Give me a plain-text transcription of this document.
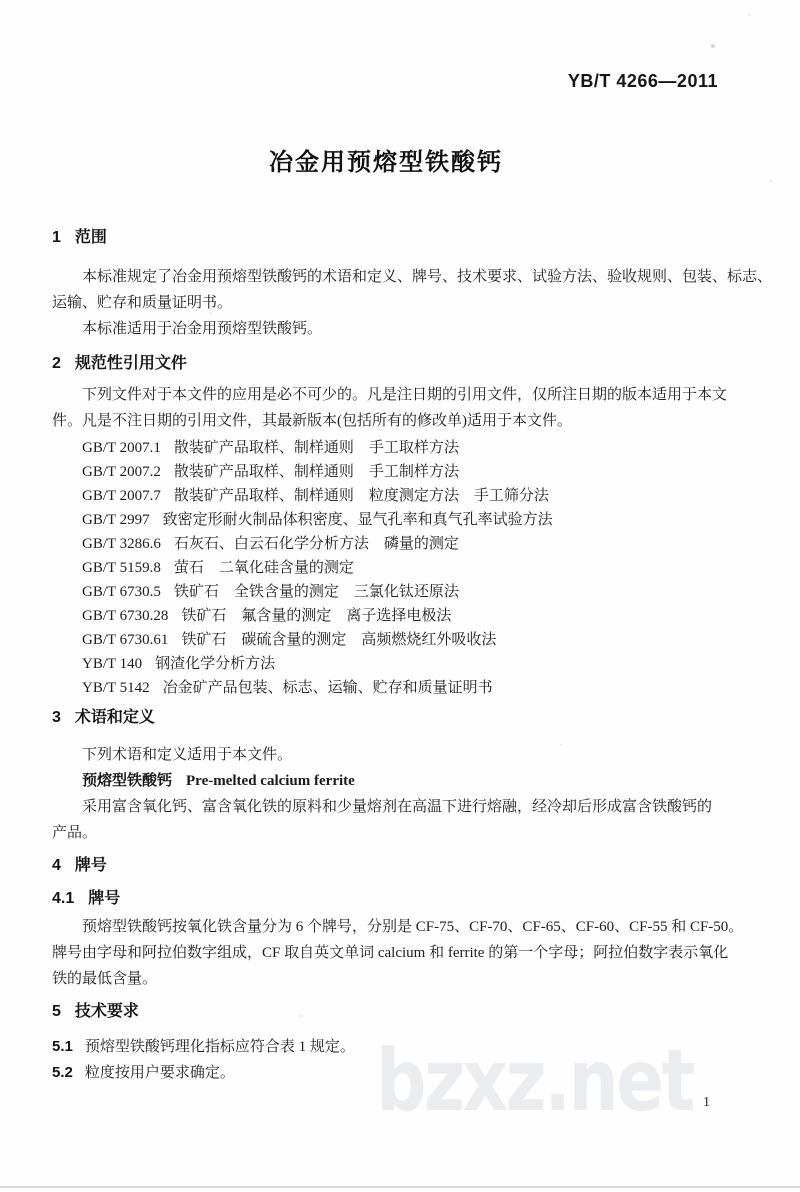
bzxz.net
YB/T 4266—2011
冶金用预熔型铁酸钙
1 范围
本标准规定了冶金用预熔型铁酸钙的术语和定义、牌号、技术要求、试验方法、验收规则、包装、标志、
运输、贮存和质量证明书。
本标准适用于冶金用预熔型铁酸钙。
2 规范性引用文件
下列文件对于本文件的应用是必不可少的。凡是注日期的引用文件，仅所注日期的版本适用于本文
件。凡是不注日期的引用文件，其最新版本(包括所有的修改单)适用于本文件。
GB/T 2007.1 散装矿产品取样、制样通则　手工取样方法
GB/T 2007.2 散装矿产品取样、制样通则　手工制样方法
GB/T 2007.7 散装矿产品取样、制样通则　粒度测定方法　手工筛分法
GB/T 2997 致密定形耐火制品体积密度、显气孔率和真气孔率试验方法
GB/T 3286.6 石灰石、白云石化学分析方法　磷量的测定
GB/T 5159.8 萤石　二氧化硅含量的测定
GB/T 6730.5 铁矿石　全铁含量的测定　三氯化钛还原法
GB/T 6730.28 铁矿石　氟含量的测定　离子选择电极法
GB/T 6730.61 铁矿石　碳硫含量的测定　高频燃烧红外吸收法
YB/T 140 钢渣化学分析方法
YB/T 5142 冶金矿产品包装、标志、运输、贮存和质量证明书
3 术语和定义
下列术语和定义适用于本文件。
预熔型铁酸钙 Pre-melted calcium ferrite
采用富含氧化钙、富含氧化铁的原料和少量熔剂在高温下进行熔融，经冷却后形成富含铁酸钙的
产品。
4 牌号
4.1 牌号
预熔型铁酸钙按氧化铁含量分为 6 个牌号，分别是 CF-75、CF-70、CF-65、CF-60、CF-55 和 CF-50。
牌号由字母和阿拉伯数字组成，CF 取自英文单词 calcium 和 ferrite 的第一个字母；阿拉伯数字表示氧化
铁的最低含量。
5 技术要求
5.1 预熔型铁酸钙理化指标应符合表 1 规定。
5.2 粒度按用户要求确定。
1
